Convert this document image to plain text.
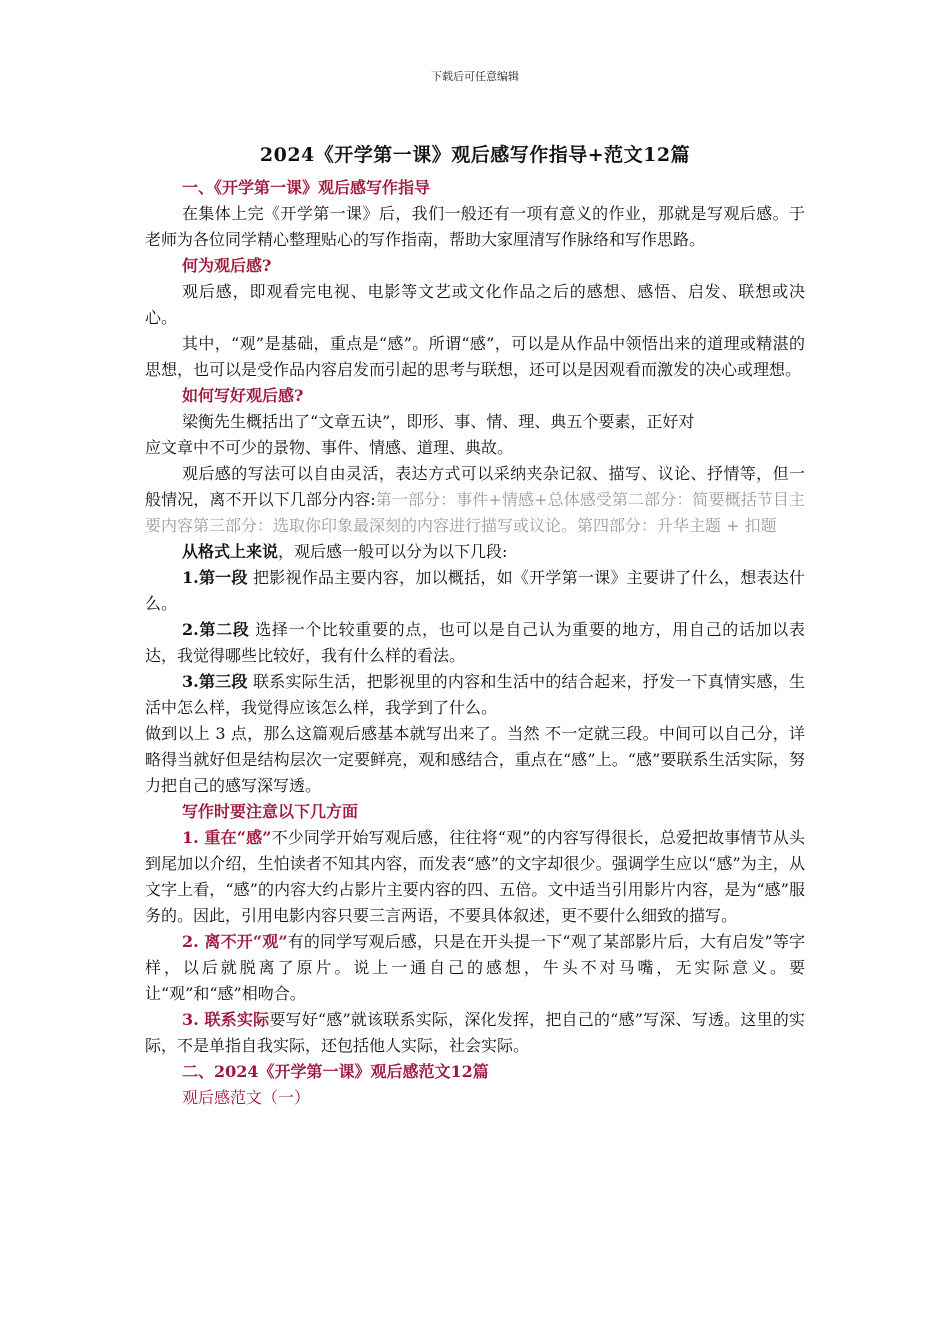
下载后可任意编辑
2024《开学第一课》观后感写作指导+范文12篇
一、《开学第一课》观后感写作指导

在集体上完《开学第一课》后，我们一般还有一项有意义的作业，那就是写观后感。于老师为各位同学精心整理贴心的写作指南，帮助大家厘清写作脉络和写作思路。

何为观后感?

观后感，即观看完电视、电影等文艺或文化作品之后的感想、感悟、启发、联想或决心。

其中，“观”是基础，重点是“感”。所谓“感”，可以是从作品中领悟出来的道理或精湛的思想，也可以是受作品内容启发而引起的思考与联想，还可以是因观看而激发的决心或理想。

如何写好观后感?

梁衡先生概括出了“文章五诀”，即形、事、情、理、典五个要素，正好对

应文章中不可少的景物、事件、情感、道理、典故。

观后感的写法可以自由灵活，表达方式可以采纳夹杂记叙、描写、议论、抒情等，但一般情况，离不开以下几部分内容:第一部分：事件+情感+总体感受第二部分：简要概括节目主要内容第三部分：选取你印象最深刻的内容进行描写或议论。第四部分：升华主题 + 扣题

从格式上来说，观后感一般可以分为以下几段:

1.第一段 把影视作品主要内容，加以概括，如《开学第一课》主要讲了什么，想表达什么。

2.第二段 选择一个比较重要的点，也可以是自己认为重要的地方，用自己的话加以表达，我觉得哪些比较好，我有什么样的看法。

3.第三段 联系实际生活，把影视里的内容和生活中的结合起来，抒发一下真情实感，生活中怎么样，我觉得应该怎么样，我学到了什么。

做到以上 3 点，那么这篇观后感基本就写出来了。当然 不一定就三段。中间可以自己分，详略得当就好但是结构层次一定要鲜亮，观和感结合，重点在“感”上。“感”要联系生活实际，努力把自己的感写深写透。

写作时要注意以下几方面

1. 重在“感”不少同学开始写观后感，往往将“观”的内容写得很长，总爱把故事情节从头到尾加以介绍，生怕读者不知其内容，而发表“感”的文字却很少。强调学生应以“感”为主，从文字上看，“感”的内容大约占影片主要内容的四、五倍。文中适当引用影片内容，是为“感”服务的。因此，引用电影内容只要三言两语，不要具体叙述，更不要什么细致的描写。

2. 离不开“观”有的同学写观后感，只是在开头提一下“观了某部影片后，大有启发”等字样，以后就脱离了原片。说上一通自己的感想，牛头不对马嘴，无实际意义。要让“观”和“感”相吻合。

3. 联系实际要写好“感”就该联系实际，深化发挥，把自己的“感”写深、写透。这里的实际，不是单指自我实际，还包括他人实际，社会实际。

二、2024《开学第一课》观后感范文12篇
观后感范文（一）
